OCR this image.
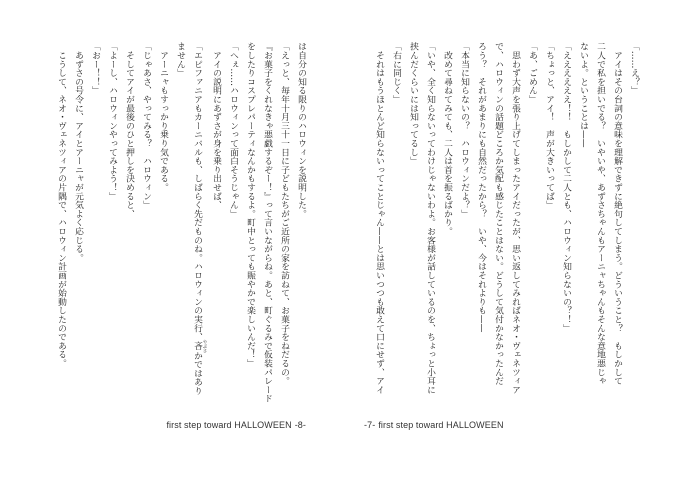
は自分の知る限りのハロウィンを説明した。
「えっと、毎年十月三十一日に子どもたちがご近所の家を訪ねて、お菓子をねだるの。
『お菓子をくれなきゃ悪戯するぞー！』って言いながらね。あと、町ぐるみで仮装パレード
をしたりコスプレパーティなんかもするよ。町中とっても賑やかで楽しいんだ！」
「へぇ……ハロウィンって面白そうじゃん」
　アイの説明にあずさが身を乗り出せば、
「エピファニアもカーニバルも、しばらく先だものね。ハロウィンの実行、吝 やぶさかではあり
ません」
　アーニャもすっかり乗り気である。
「じゃあさ、やってみる？　ハロウィン」
　そしてアイが最後のひと押しを決めると、
「よーし、ハロウィンやってみよう！」
「おー！！」
　あずさの号令に、アイとアーニャが元気よく応じる。
　こうして、ネオ・ヴェネツィアの片隅で、ハロウィン計画が始動したのである。
first step toward HALLOWEEN -8-
「……え？」
　アイはその台詞の意味を理解できずに絶句してしまう。どういうこと？　もしかして
二人で私を担いでる？　いやいや、あずさちゃんもアーニャちゃんもそんな意地悪じゃ
ないよ。ということは——
「ええええええ！！　もしかして二人とも、ハロウィン知らないの？！」
「ちょっと、アイ！　声が大きいってば」
「あ、ごめん」
　思わず大声を張り上げてしまったアイだったが、思い返してみればネオ・ヴェネツィア
で、ハロウィンの話題どころか気配も感じたことはない。どうして気付かなかったんだ
ろう？　それがあまりにも自然だったから？　いや、今はそれよりも——
「本当に知らないの？　ハロウィンだよ？」
　改めて尋ねてみても、二人は首を振るばかり。
「いや、全く知らないってわけじゃないわよ。お客様が話しているのを、ちょっと小耳に
挟んだくらいには知ってるし」
「右に同じく」
　それはもうほとんど知らないってことじゃん——とは思いつつも敢えて口にせず、アイ
-7- first step toward HALLOWEEN
